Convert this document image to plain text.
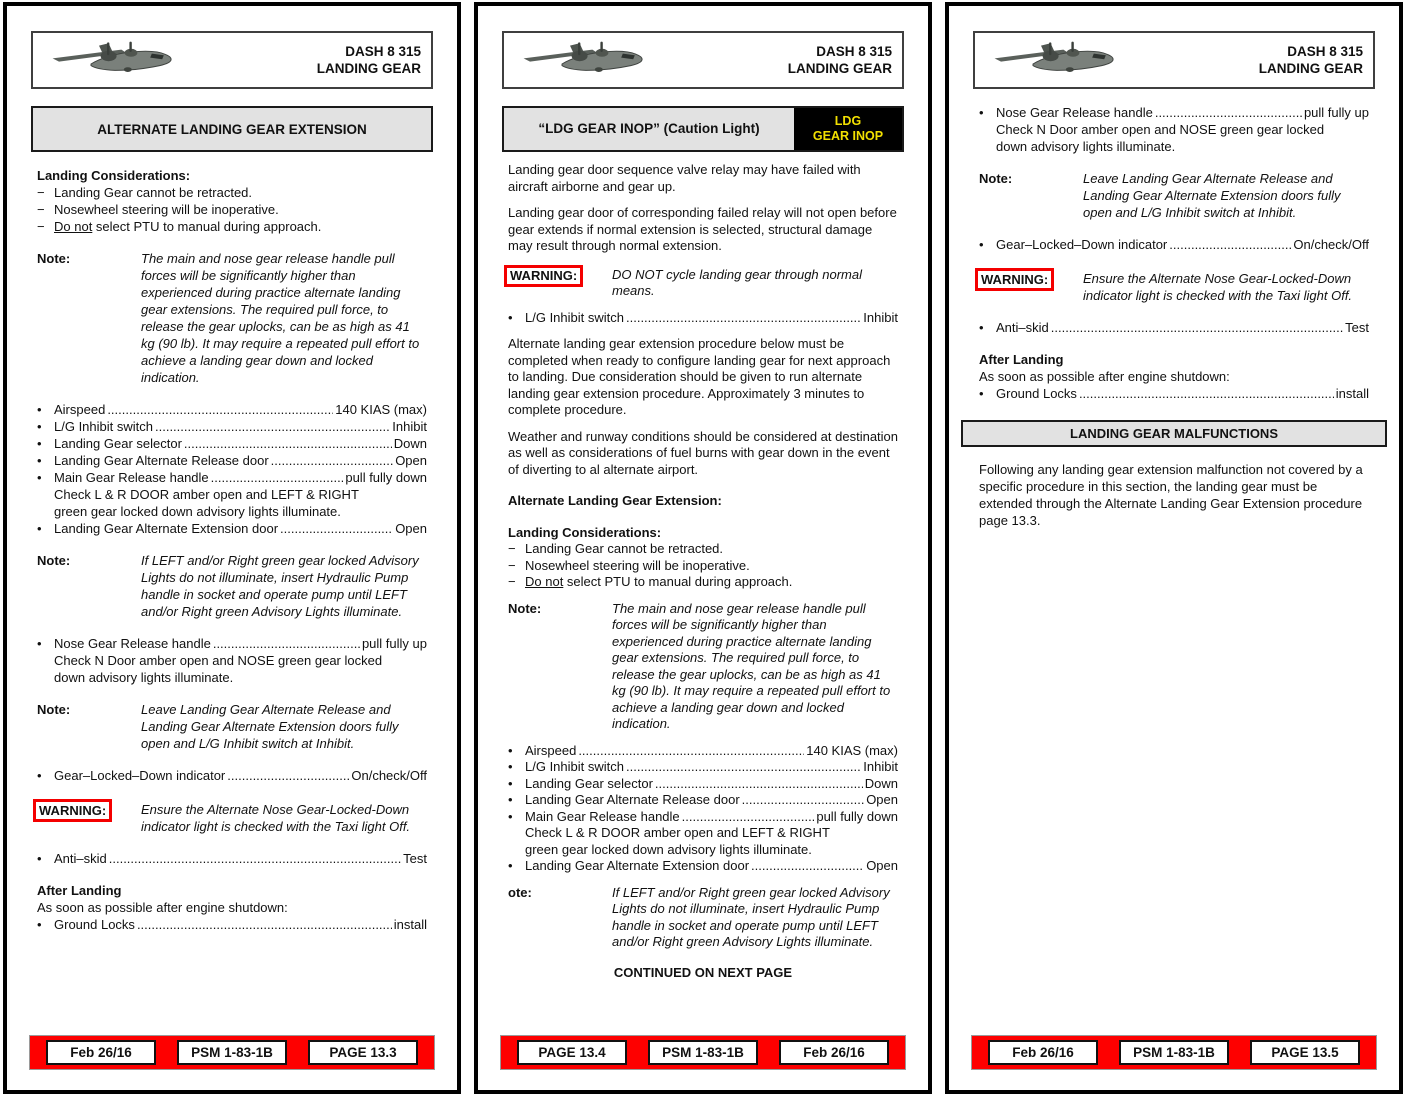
DASH 8 315
LANDING GEAR
ALTERNATE LANDING GEAR EXTENSION
Landing Considerations:
− Landing Gear cannot be retracted.
− Nosewheel steering will be inoperative.
− Do not select PTU to manual during approach.
Note:	The main and nose gear release handle pull forces will be significantly higher than experienced during practice alternate landing gear extensions. The required pull force, to release the gear uplocks, can be as high as 41 kg (90 lb). It may require a repeated pull effort to achieve a landing gear down and locked indication.
• Airspeed .....	140 KIAS (max)
• L/G Inhibit switch .....	Inhibit
• Landing Gear selector .....	Down
• Landing Gear Alternate Release door .....	Open
• Main Gear Release handle .....	pull fully down
Check L & R DOOR amber open and LEFT & RIGHT
green gear locked down advisory lights illuminate.
• Landing Gear Alternate Extension door .....	Open
Note:	If LEFT and/or Right green gear locked Advisory Lights do not illuminate, insert Hydraulic Pump handle in socket and operate pump until LEFT and/or Right green Advisory Lights illuminate.
• Nose Gear Release handle .....	pull fully up
Check N Door amber open and NOSE green gear locked
down advisory lights illuminate.
Note:	Leave Landing Gear Alternate Release and Landing Gear Alternate Extension doors fully open and L/G Inhibit switch at Inhibit.
• Gear–Locked–Down indicator .....	On/check/Off
WARNING:	Ensure the Alternate Nose Gear-Locked-Down indicator light is checked with the Taxi light Off.
• Anti–skid .....	Test
After Landing
As soon as possible after engine shutdown:
• Ground Locks .....	install
Feb 26/16	PSM 1-83-1B	PAGE 13.3
DASH 8 315
LANDING GEAR
“LDG GEAR INOP” (Caution Light)	LDG
GEAR INOP
Landing gear door sequence valve relay may have failed with aircraft airborne and gear up.
Landing gear door of corresponding failed relay will not open before gear extends if normal extension is selected, structural damage may result through normal extension.
WARNING:	DO NOT cycle landing gear through normal means.
• L/G Inhibit switch .....	Inhibit
Alternate landing gear extension procedure below must be completed when ready to configure landing gear for next approach to landing. Due consideration should be given to run alternate landing gear extension procedure. Approximately 3 minutes to complete procedure.
Weather and runway conditions should be considered at destination as well as considerations of fuel burns with gear down in the event of diverting to al alternate airport.
Alternate Landing Gear Extension:
Landing Considerations:
− Landing Gear cannot be retracted.
− Nosewheel steering will be inoperative.
− Do not select PTU to manual during approach.
Note:	The main and nose gear release handle pull forces will be significantly higher than experienced during practice alternate landing gear extensions. The required pull force, to release the gear uplocks, can be as high as 41 kg (90 lb). It may require a repeated pull effort to achieve a landing gear down and locked indication.
• Airspeed .....	140 KIAS (max)
• L/G Inhibit switch .....	Inhibit
• Landing Gear selector .....	Down
• Landing Gear Alternate Release door .....	Open
• Main Gear Release handle .....	pull fully down
Check L & R DOOR amber open and LEFT & RIGHT
green gear locked down advisory lights illuminate.
• Landing Gear Alternate Extension door .....	Open
ote:	If LEFT and/or Right green gear locked Advisory Lights do not illuminate, insert Hydraulic Pump handle in socket and operate pump until LEFT and/or Right green Advisory Lights illuminate.
CONTINUED ON NEXT PAGE
PAGE 13.4	PSM 1-83-1B	Feb 26/16
DASH 8 315
LANDING GEAR
• Nose Gear Release handle .....	pull fully up
Check N Door amber open and NOSE green gear locked
down advisory lights illuminate.
Note:	Leave Landing Gear Alternate Release and Landing Gear Alternate Extension doors fully open and L/G Inhibit switch at Inhibit.
• Gear–Locked–Down indicator .....	On/check/Off
WARNING:	Ensure the Alternate Nose Gear-Locked-Down indicator light is checked with the Taxi light Off.
• Anti–skid .....	Test
After Landing
As soon as possible after engine shutdown:
• Ground Locks .....	install
LANDING GEAR MALFUNCTIONS
Following any landing gear extension malfunction not covered by a specific procedure in this section, the landing gear must be extended through the Alternate Landing Gear Extension procedure page 13.3.
Feb 26/16	PSM 1-83-1B	PAGE 13.5
